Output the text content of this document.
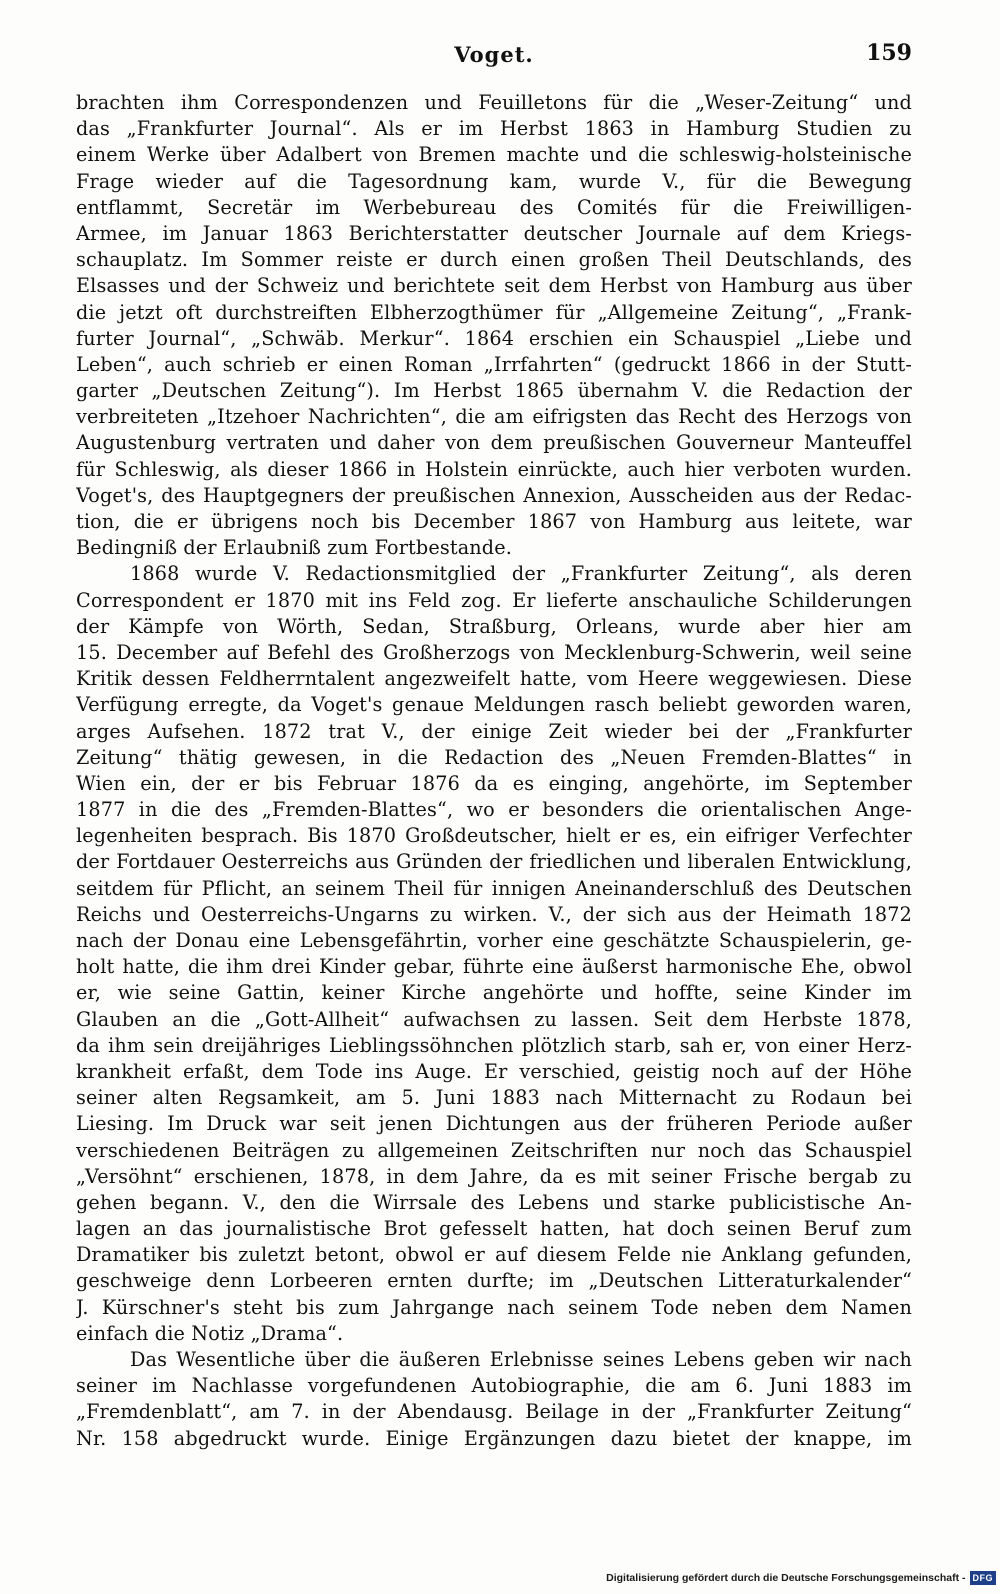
Voget.	159
brachten ihm Correspondenzen und Feuilletons für die „Weser-Zeitung“ und
das „Frankfurter Journal“. Als er im Herbst 1863 in Hamburg Studien zu
einem Werke über Adalbert von Bremen machte und die schleswig-holsteinische
Frage wieder auf die Tagesordnung kam, wurde V., für die Bewegung
entflammt, Secretär im Werbebureau des Comités für die Freiwilligen-
Armee, im Januar 1863 Berichterstatter deutscher Journale auf dem Kriegs-
schauplatz. Im Sommer reiste er durch einen großen Theil Deutschlands, des
Elsasses und der Schweiz und berichtete seit dem Herbst von Hamburg aus über
die jetzt oft durchstreiften Elbherzogthümer für „Allgemeine Zeitung“, „Frank-
furter Journal“, „Schwäb. Merkur“. 1864 erschien ein Schauspiel „Liebe und
Leben“, auch schrieb er einen Roman „Irrfahrten“ (gedruckt 1866 in der Stutt-
garter „Deutschen Zeitung“). Im Herbst 1865 übernahm V. die Redaction der
verbreiteten „Itzehoer Nachrichten“, die am eifrigsten das Recht des Herzogs von
Augustenburg vertraten und daher von dem preußischen Gouverneur Manteuffel
für Schleswig, als dieser 1866 in Holstein einrückte, auch hier verboten wurden.
Voget's, des Hauptgegners der preußischen Annexion, Ausscheiden aus der Redac-
tion, die er übrigens noch bis December 1867 von Hamburg aus leitete, war
Bedingniß der Erlaubniß zum Fortbestande.
1868 wurde V. Redactionsmitglied der „Frankfurter Zeitung“, als deren
Correspondent er 1870 mit ins Feld zog. Er lieferte anschauliche Schilderungen
der Kämpfe von Wörth, Sedan, Straßburg, Orleans, wurde aber hier am
15. December auf Befehl des Großherzogs von Mecklenburg-Schwerin, weil seine
Kritik dessen Feldherrntalent angezweifelt hatte, vom Heere weggewiesen. Diese
Verfügung erregte, da Voget's genaue Meldungen rasch beliebt geworden waren,
arges Aufsehen. 1872 trat V., der einige Zeit wieder bei der „Frankfurter
Zeitung“ thätig gewesen, in die Redaction des „Neuen Fremden-Blattes“ in
Wien ein, der er bis Februar 1876 da es einging, angehörte, im September
1877 in die des „Fremden-Blattes“, wo er besonders die orientalischen Ange-
legenheiten besprach. Bis 1870 Großdeutscher, hielt er es, ein eifriger Verfechter
der Fortdauer Oesterreichs aus Gründen der friedlichen und liberalen Entwicklung,
seitdem für Pflicht, an seinem Theil für innigen Aneinanderschluß des Deutschen
Reichs und Oesterreichs-Ungarns zu wirken. V., der sich aus der Heimath 1872
nach der Donau eine Lebensgefährtin, vorher eine geschätzte Schauspielerin, ge-
holt hatte, die ihm drei Kinder gebar, führte eine äußerst harmonische Ehe, obwol
er, wie seine Gattin, keiner Kirche angehörte und hoffte, seine Kinder im
Glauben an die „Gott-Allheit“ aufwachsen zu lassen. Seit dem Herbste 1878,
da ihm sein dreijähriges Lieblingssöhnchen plötzlich starb, sah er, von einer Herz-
krankheit erfaßt, dem Tode ins Auge. Er verschied, geistig noch auf der Höhe
seiner alten Regsamkeit, am 5. Juni 1883 nach Mitternacht zu Rodaun bei
Liesing. Im Druck war seit jenen Dichtungen aus der früheren Periode außer
verschiedenen Beiträgen zu allgemeinen Zeitschriften nur noch das Schauspiel
„Versöhnt“ erschienen, 1878, in dem Jahre, da es mit seiner Frische bergab zu
gehen begann. V., den die Wirrsale des Lebens und starke publicistische An-
lagen an das journalistische Brot gefesselt hatten, hat doch seinen Beruf zum
Dramatiker bis zuletzt betont, obwol er auf diesem Felde nie Anklang gefunden,
geschweige denn Lorbeeren ernten durfte; im „Deutschen Litteraturkalender“
J. Kürschner's steht bis zum Jahrgange nach seinem Tode neben dem Namen
einfach die Notiz „Drama“.
Das Wesentliche über die äußeren Erlebnisse seines Lebens geben wir nach
seiner im Nachlasse vorgefundenen Autobiographie, die am 6. Juni 1883 im
„Fremdenblatt“, am 7. in der Abendausg. Beilage in der „Frankfurter Zeitung“
Nr. 158 abgedruckt wurde. Einige Ergänzungen dazu bietet der knappe, im
Digitalisierung gefördert durch die Deutsche Forschungsgemeinschaft - DFG
